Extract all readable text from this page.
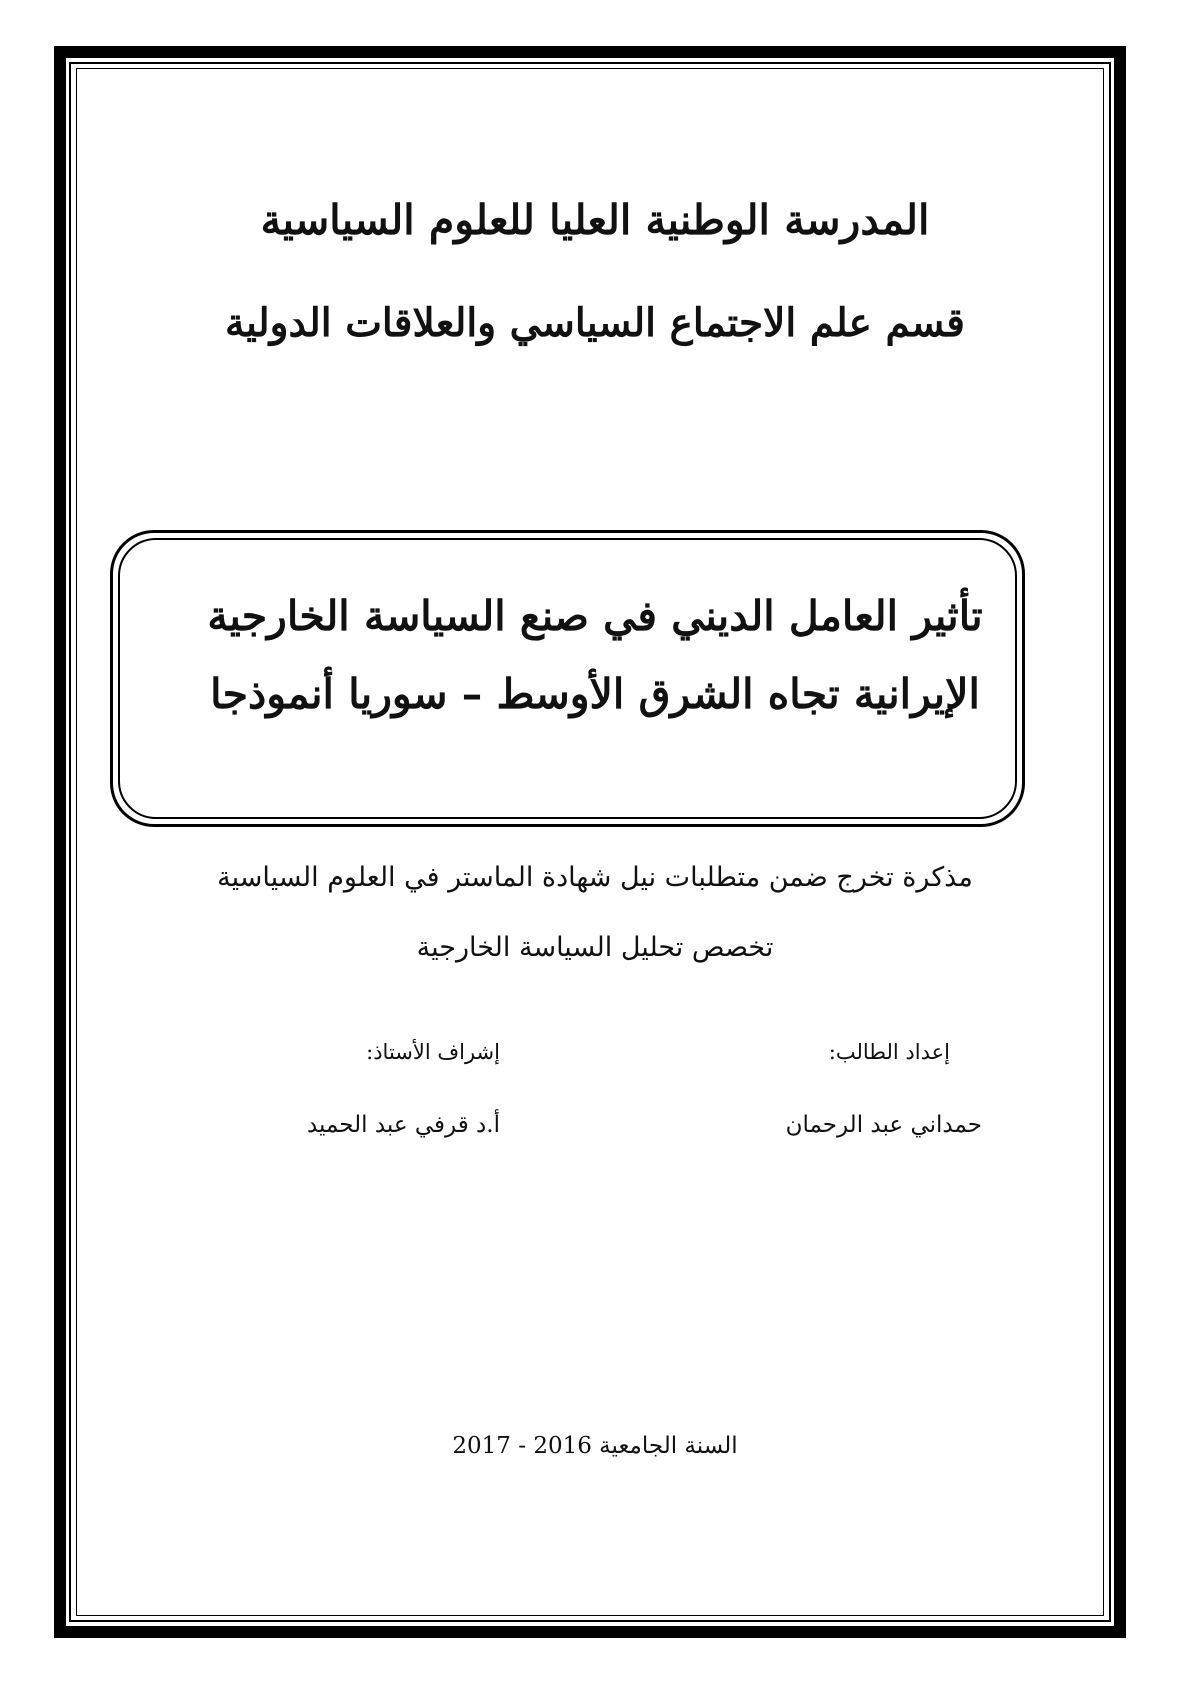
المدرسة الوطنية العليا للعلوم السياسية
قسم علم الاجتماع السياسي والعلاقات الدولية
تأثير العامل الديني في صنع السياسة الخارجية
الإيرانية تجاه الشرق الأوسط – سوريا أنموذجا
مذكرة تخرج ضمن متطلبات نيل شهادة الماستر في العلوم السياسية
تخصص تحليل السياسة الخارجية
إعداد الطالب:
حمداني عبد الرحمان
إشراف الأستاذ:
أ.د قرفي عبد الحميد
السنة الجامعية 2016 - 2017
